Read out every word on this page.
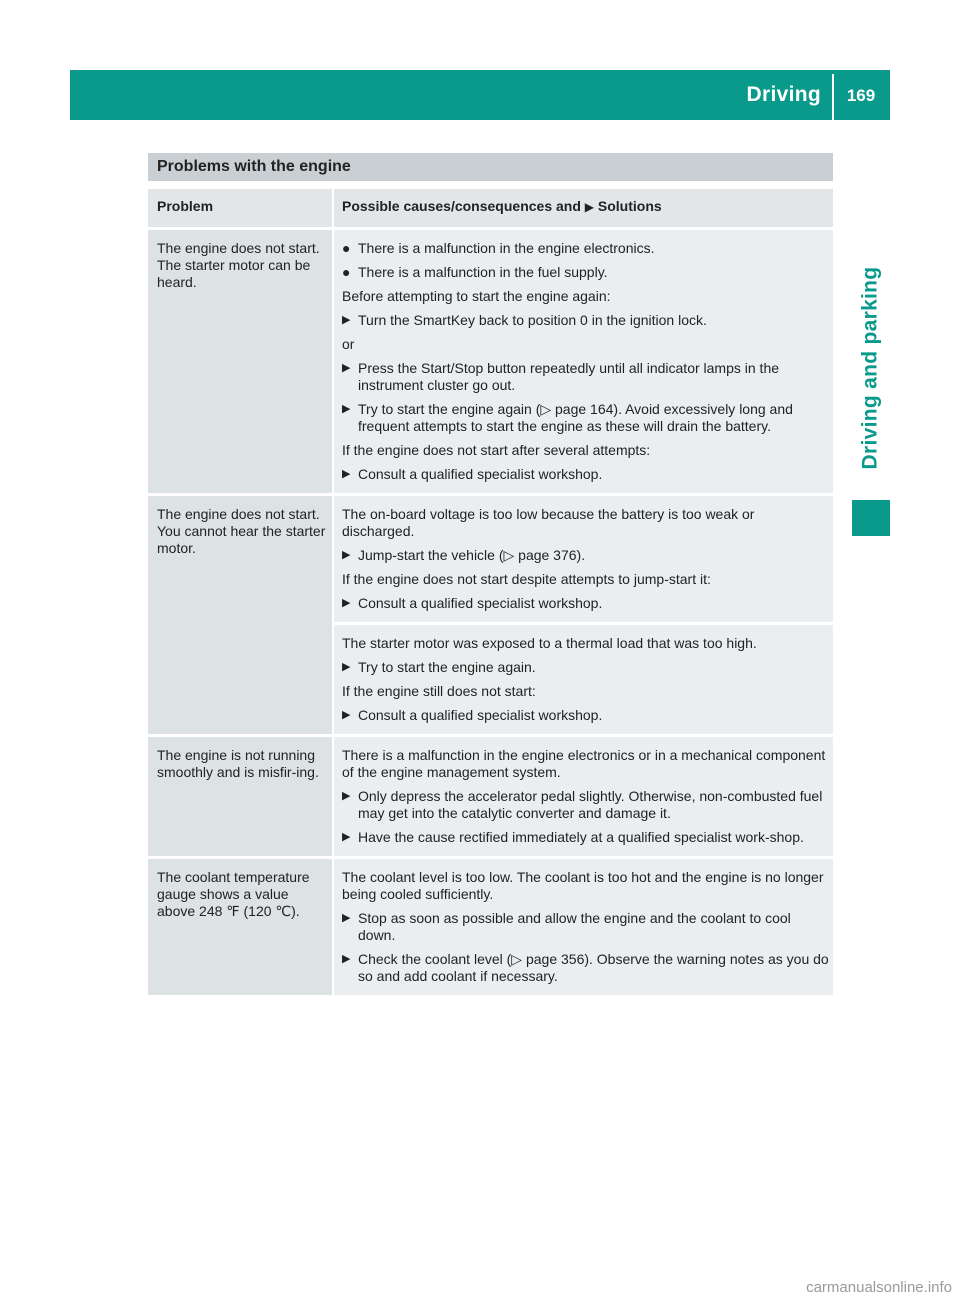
Driving	169
Driving and parking
Problems with the engine
Problem	Possible causes/consequences and ▶ Solutions
The engine does not start. The starter motor can be heard.
● There is a malfunction in the engine electronics.
● There is a malfunction in the fuel supply.
Before attempting to start the engine again:
▶ Turn the SmartKey back to position 0 in the ignition lock.
or
▶ Press the Start/Stop button repeatedly until all indicator lamps in the instrument cluster go out.
▶ Try to start the engine again (▷ page 164). Avoid excessively long and frequent attempts to start the engine as these will drain the battery.
If the engine does not start after several attempts:
▶ Consult a qualified specialist workshop.
The engine does not start. You cannot hear the starter motor.
The on-board voltage is too low because the battery is too weak or discharged.
▶ Jump-start the vehicle (▷ page 376).
If the engine does not start despite attempts to jump-start it:
▶ Consult a qualified specialist workshop.
The starter motor was exposed to a thermal load that was too high.
▶ Try to start the engine again.
If the engine still does not start:
▶ Consult a qualified specialist workshop.
The engine is not running smoothly and is misfir-ing.
There is a malfunction in the engine electronics or in a mechanical component of the engine management system.
▶ Only depress the accelerator pedal slightly. Otherwise, non-combusted fuel may get into the catalytic converter and damage it.
▶ Have the cause rectified immediately at a qualified specialist work-shop.
The coolant temperature gauge shows a value above 248 ℉ (120 ℃).
The coolant level is too low. The coolant is too hot and the engine is no longer being cooled sufficiently.
▶ Stop as soon as possible and allow the engine and the coolant to cool down.
▶ Check the coolant level (▷ page 356). Observe the warning notes as you do so and add coolant if necessary.
carmanualsonline.info
